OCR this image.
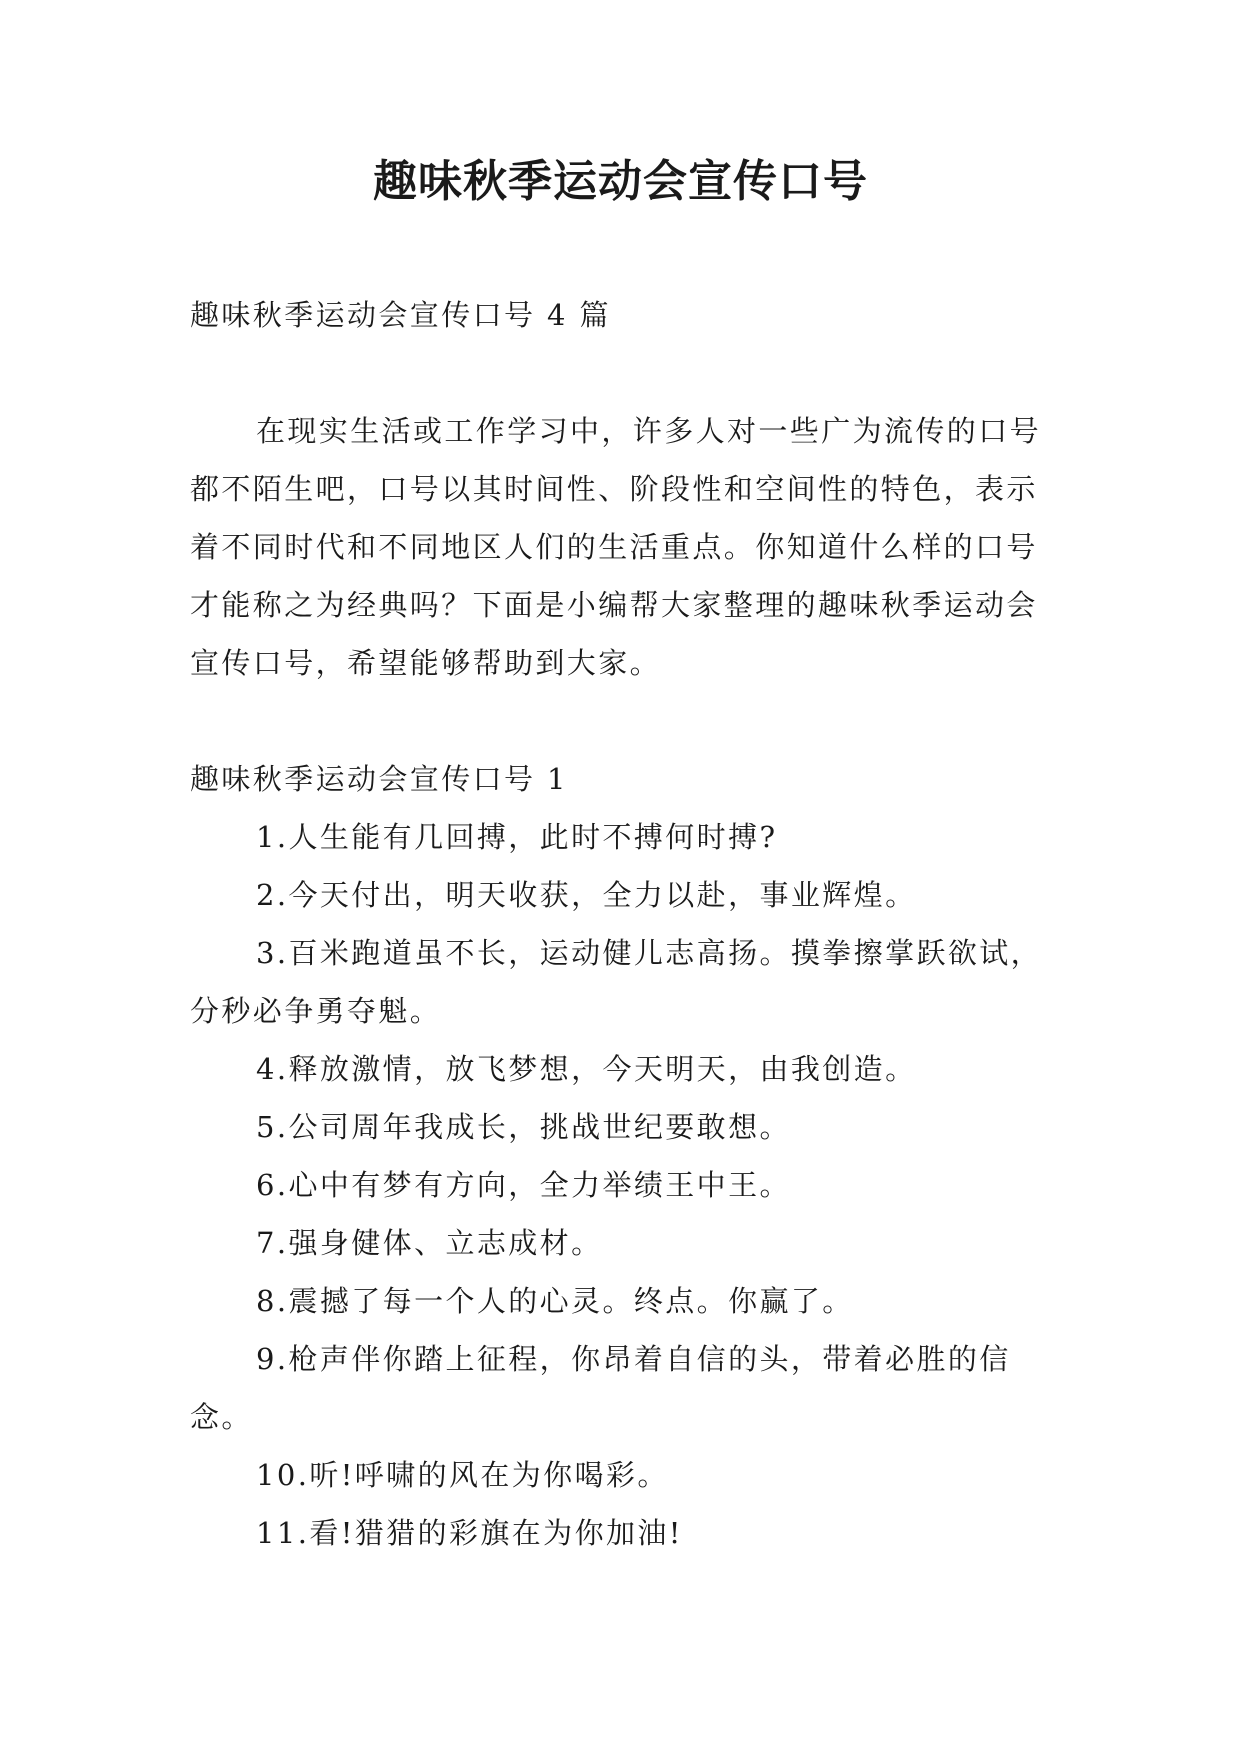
趣味秋季运动会宣传口号

趣味秋季运动会宣传口号 4 篇

在现实生活或工作学习中，许多人对一些广为流传的口号都不陌生吧，口号以其时间性、阶段性和空间性的特色，表示着不同时代和不同地区人们的生活重点。你知道什么样的口号才能称之为经典吗？下面是小编帮大家整理的趣味秋季运动会宣传口号，希望能够帮助到大家。

趣味秋季运动会宣传口号 1

1.人生能有几回搏，此时不搏何时搏?

2.今天付出，明天收获，全力以赴，事业辉煌。

3.百米跑道虽不长，运动健儿志高扬。摸拳擦掌跃欲试，分秒必争勇夺魁。

4.释放激情，放飞梦想，今天明天，由我创造。

5.公司周年我成长，挑战世纪要敢想。

6.心中有梦有方向，全力举绩王中王。

7.强身健体、立志成材。

8.震撼了每一个人的心灵。终点。你赢了。

9.枪声伴你踏上征程，你昂着自信的头，带着必胜的信念。

10.听!呼啸的风在为你喝彩。

11.看!猎猎的彩旗在为你加油!
